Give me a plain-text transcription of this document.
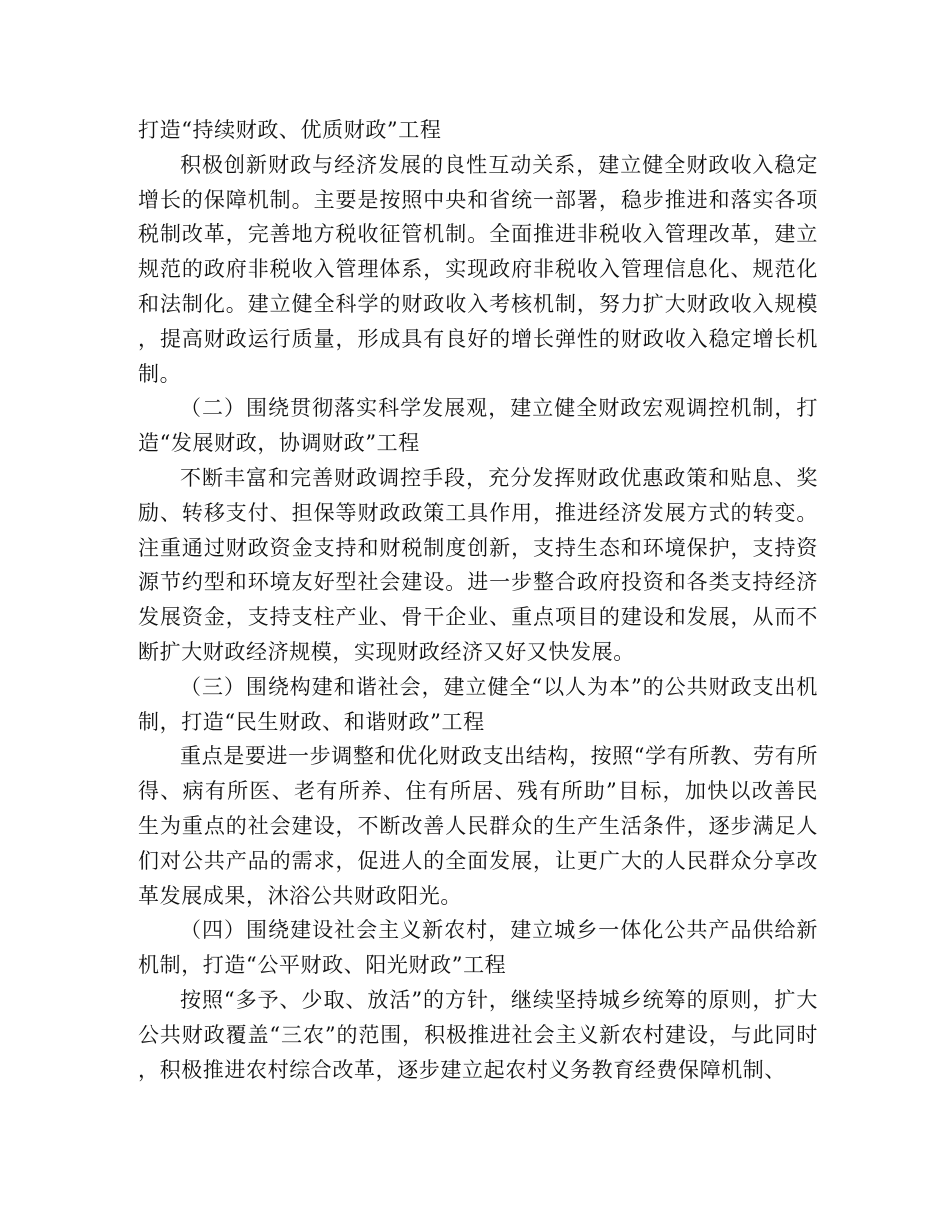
打造“持续财政、优质财政”工程

积极创新财政与经济发展的良性互动关系，建立健全财政收入稳定增长的保障机制。主要是按照中央和省统一部署，稳步推进和落实各项税制改革，完善地方税收征管机制。全面推进非税收入管理改革，建立规范的政府非税收入管理体系，实现政府非税收入管理信息化、规范化和法制化。建立健全科学的财政收入考核机制，努力扩大财政收入规模，提高财政运行质量，形成具有良好的增长弹性的财政收入稳定增长机制。

（二）围绕贯彻落实科学发展观，建立健全财政宏观调控机制，打造“发展财政，协调财政”工程

不断丰富和完善财政调控手段，充分发挥财政优惠政策和贴息、奖励、转移支付、担保等财政政策工具作用，推进经济发展方式的转变。注重通过财政资金支持和财税制度创新，支持生态和环境保护，支持资源节约型和环境友好型社会建设。进一步整合政府投资和各类支持经济发展资金，支持支柱产业、骨干企业、重点项目的建设和发展，从而不断扩大财政经济规模，实现财政经济又好又快发展。

（三）围绕构建和谐社会，建立健全“以人为本”的公共财政支出机制，打造“民生财政、和谐财政”工程

重点是要进一步调整和优化财政支出结构，按照“学有所教、劳有所得、病有所医、老有所养、住有所居、残有所助”目标，加快以改善民生为重点的社会建设，不断改善人民群众的生产生活条件，逐步满足人们对公共产品的需求，促进人的全面发展，让更广大的人民群众分享改革发展成果，沐浴公共财政阳光。

（四）围绕建设社会主义新农村，建立城乡一体化公共产品供给新机制，打造“公平财政、阳光财政”工程

按照“多予、少取、放活”的方针，继续坚持城乡统筹的原则，扩大公共财政覆盖“三农”的范围，积极推进社会主义新农村建设，与此同时，积极推进农村综合改革，逐步建立起农村义务教育经费保障机制、
